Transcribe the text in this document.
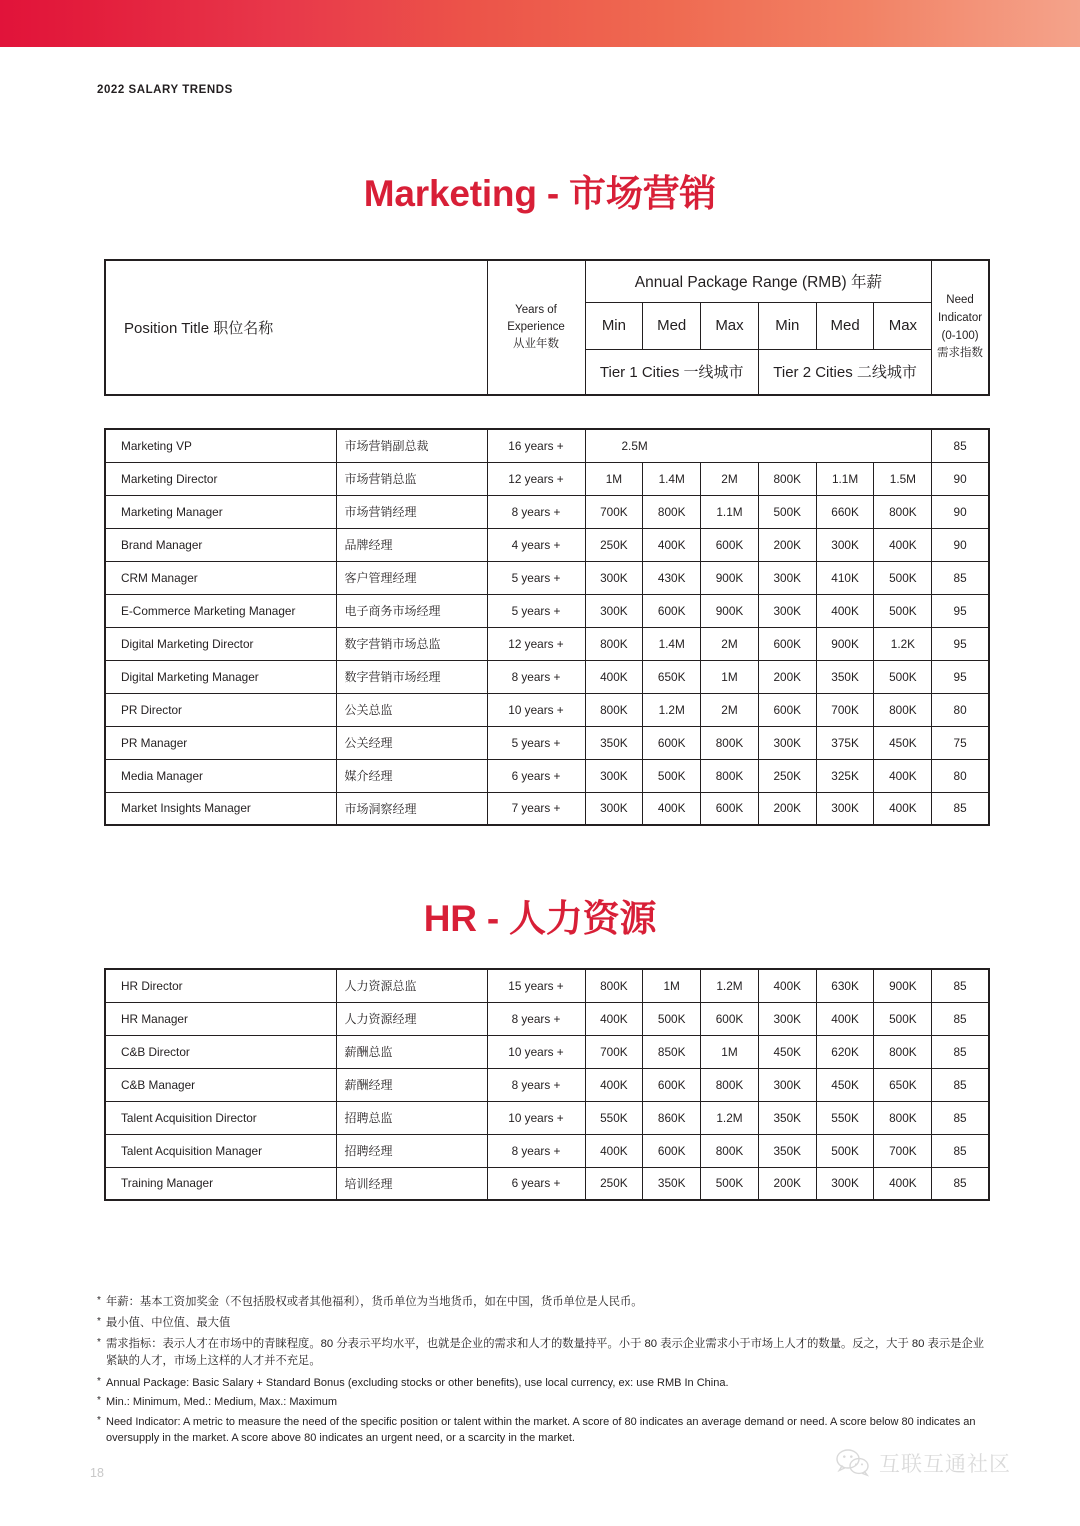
2022 SALARY TRENDS
Marketing - 市场营销
Position Title 职位名称	
Years of
Experience
从业年数
	Annual Package Range (RMB) 年薪	
Need
Indicator
(0-100)
需求指数

		Min	Med	Max	Min	Med	Max	
		Tier 1 Cities 一线城市			Tier 2 Cities 二线城市			
Marketing VP	市场营销副总裁	16 years +	2.5M						85
Marketing Director	市场营销总监	12 years +	1M	1.4M	2M	800K	1.1M	1.5M	90
Marketing Manager	市场营销经理	8 years +	700K	800K	1.1M	500K	660K	800K	90
Brand Manager	品牌经理	4 years +	250K	400K	600K	200K	300K	400K	90
CRM Manager	客户管理经理	5 years +	300K	430K	900K	300K	410K	500K	85
E-Commerce Marketing Manager	电子商务市场经理	5 years +	300K	600K	900K	300K	400K	500K	95
Digital Marketing Director	数字营销市场总监	12 years +	800K	1.4M	2M	600K	900K	1.2K	95
Digital Marketing Manager	数字营销市场经理	8 years +	400K	650K	1M	200K	350K	500K	95
PR Director	公关总监	10 years +	800K	1.2M	2M	600K	700K	800K	80
PR Manager	公关经理	5 years +	350K	600K	800K	300K	375K	450K	75
Media Manager	媒介经理	6 years +	300K	500K	800K	250K	325K	400K	80
Market Insights Manager	市场洞察经理	7 years +	300K	400K	600K	200K	300K	400K	85
HR - 人力资源
HR Director	人力资源总监	15 years +	800K	1M	1.2M	400K	630K	900K	85
HR Manager	人力资源经理	8 years +	400K	500K	600K	300K	400K	500K	85
C&B Director	薪酬总监	10 years +	700K	850K	1M	450K	620K	800K	85
C&B Manager	薪酬经理	8 years +	400K	600K	800K	300K	450K	650K	85
Talent Acquisition Director	招聘总监	10 years +	550K	860K	1.2M	350K	550K	800K	85
Talent Acquisition Manager	招聘经理	8 years +	400K	600K	800K	350K	500K	700K	85
Training Manager	培训经理	6 years +	250K	350K	500K	200K	300K	400K	85
* 年薪：基本工资加奖金（不包括股权或者其他福利），货币单位为当地货币，如在中国，货币单位是人民币。
* 最小值、中位值、最大值
* 需求指标：表示人才在市场中的青睐程度。80 分表示平均水平，也就是企业的需求和人才的数量持平。小于 80 表示企业需求小于市场上人才的数量。反之，大于 80 表示是企业紧缺的人才，市场上这样的人才并不充足。
* Annual Package: Basic Salary + Standard Bonus (excluding stocks or other benefits), use local currency, ex: use RMB In China.
* Min.: Minimum, Med.: Medium, Max.: Maximum
* Need Indicator: A metric to measure the need of the specific position or talent within the market. A score of 80 indicates an average demand or need. A score below 80 indicates an oversupply in the market. A score above 80 indicates an urgent need, or a scarcity in the market.
18	互联互通社区
